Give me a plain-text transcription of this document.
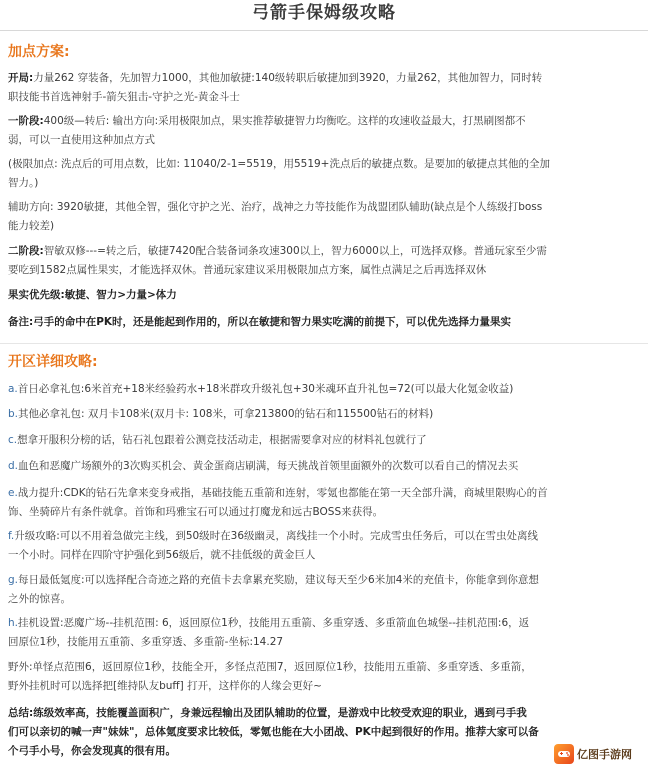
弓箭手保姆级攻略
加点方案:
开局:力量262 穿装备，先加智力1000，其他加敏捷:140级转职后敏捷加到3920，力量262，其他加智力，同时转
职技能书首选神射手-箭矢狙击-守护之光-黄金斗士
一阶段:400级—转后: 输出方向:采用极限加点，果实推荐敏捷智力均衡吃。这样的攻速收益最大，打黑刷图都不
弱，可以一直使用这种加点方式
(极限加点: 洗点后的可用点数，比如: 11040/2-1=5519，用5519+洗点后的敏捷点数。是要加的敏捷点其他的全加
智力。)
辅助方向: 3920敏捷，其他全智，强化守护之光、治疗，战神之力等技能作为战盟团队辅助(缺点是个人练级打boss
能力较差)
二阶段:智敏双修---=转之后，敏捷7420配合装备词条攻速300以上，智力6000以上，可选择双修。普通玩家至少需
要吃到1582点属性果实，才能选择双休。普通玩家建议采用极限加点方案，属性点满足之后再选择双休
果实优先级:敏捷、智力>力量>体力
备注:弓手的命中在PK时，还是能起到作用的，所以在敏捷和智力果实吃满的前提下，可以优先选择力量果实
开区详细攻略:
a.首日必拿礼包:6米首充+18米经验药水+18米群攻升级礼包+30米魂环直升礼包=72(可以最大化氪金收益)
b.其他必拿礼包: 双月卡108米(双月卡: 108米，可拿213800的钻石和115500钻石的材料)
c.想拿开服积分榜的话，钻石礼包跟着公测竞技活动走，根据需要拿对应的材料礼包就行了
d.血色和恶魔广场额外的3次购买机会、黄金蛋商店刷满，每天挑战首领里面额外的次数可以看自己的情况去买
e.战力提升:CDK的钻石先拿来变身戒指，基础技能五重箭和连射，零氪也都能在第一天全部升满，商城里限购心的首
饰、坐骑碎片有条件就拿。首饰和玛雅宝石可以通过打魔龙和远古BOSS来获得。
f.升级攻略:可以不用着急做完主线，到50级时在36级幽灵，离线挂一个小时。完成雪虫任务后，可以在雪虫处离线
一个小时。同样在四阶守护强化到56级后，就不挂低级的黄金巨人
g.每日最低氪度:可以选择配合奇迹之路的充值卡去拿累充奖励，建议每天至少6米加4米的充值卡，你能拿到你意想
之外的惊喜。
h.挂机设置:恶魔广场--挂机范围: 6，返回原位1秒，技能用五重箭、多重穿透、多重箭血色城堡--挂机范围:6，返
回原位1秒，技能用五重箭、多重穿透、多重箭-坐标:14.27
野外:单怪点范围6，返回原位1秒，技能全开，多怪点范围7，返回原位1秒，技能用五重箭、多重穿透、多重箭，
野外挂机时可以选择把[维持队友buff] 打开，这样你的人缘会更好~
总结:练级效率高，技能覆盖面积广，身兼远程输出及团队辅助的位置，是游戏中比较受欢迎的职业，遇到弓手我
们可以亲切的喊一声"妹妹"，总体氪度要求比较低，零氪也能在大小团战、PK中起到很好的作用。推荐大家可以备
个弓手小号，你会发现真的很有用。	亿图手游网
